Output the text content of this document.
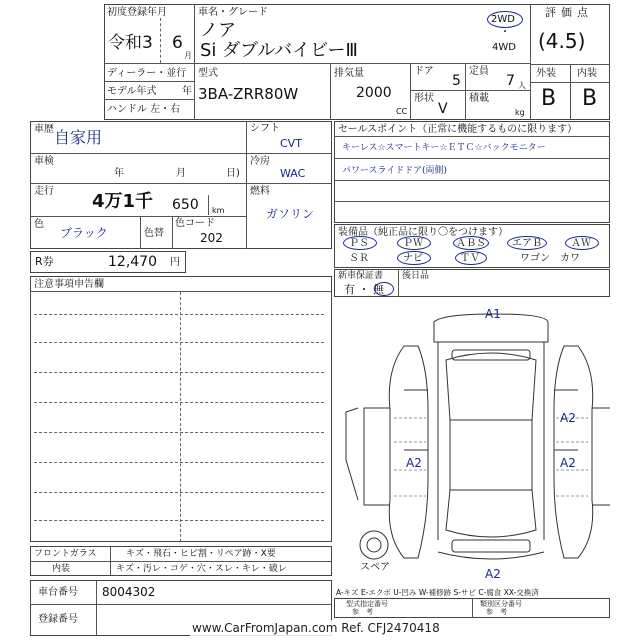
初度登録年月
令和3 6
月
車名・グレード
ノア
Si ダブルバイビーⅢ
2WD
・
4WD
評価点
(4.5)
ディーラー・並行
モデル年式	年
ハンドル 左・右
型式
3BA-ZRR80W
排気量
2000
CC
ドア
5
定員
7 人
形状
V
積載
kg
外装 内装
B B
車歴 自家用
車検
年	月	日)
走行 4万1千 650 km
色
ブラック	色替
色コード
202
シフト
CVT
冷房
WAC
燃料
ガソリン
R券	12,470 円
注意事項申告欄
セールスポイント（正常に機能するものに限ります）
キーレス☆スマートキー☆ＥＴＣ☆バックモニター
パワースライドドア(両側)
装備品（純正品に限り〇をつけます）
ＰＳ	ＰＷ	ＡＢＳ	エアＢ	ＡＷ
ＳＲ	ナビ	ＴＶ	カワ
ワゴン
新車保証書
有 ・ 無
後日品
A1
A2
A2	A2
A2
スペア
A-キズ E-エクボ U-凹み W-補修跡 S-サビ C-腐食 XX-交換済
フロントガラス	キズ・飛石・ヒビ割・リペア跡・X要
内装	キズ・汚レ・コゲ・穴・スレ・キレ・破レ
車台番号 8004302
登録番号
型式指定番号
参　考
類別区分番号
参　考
www.CarFromJapan.com Ref. CFJ2470418
